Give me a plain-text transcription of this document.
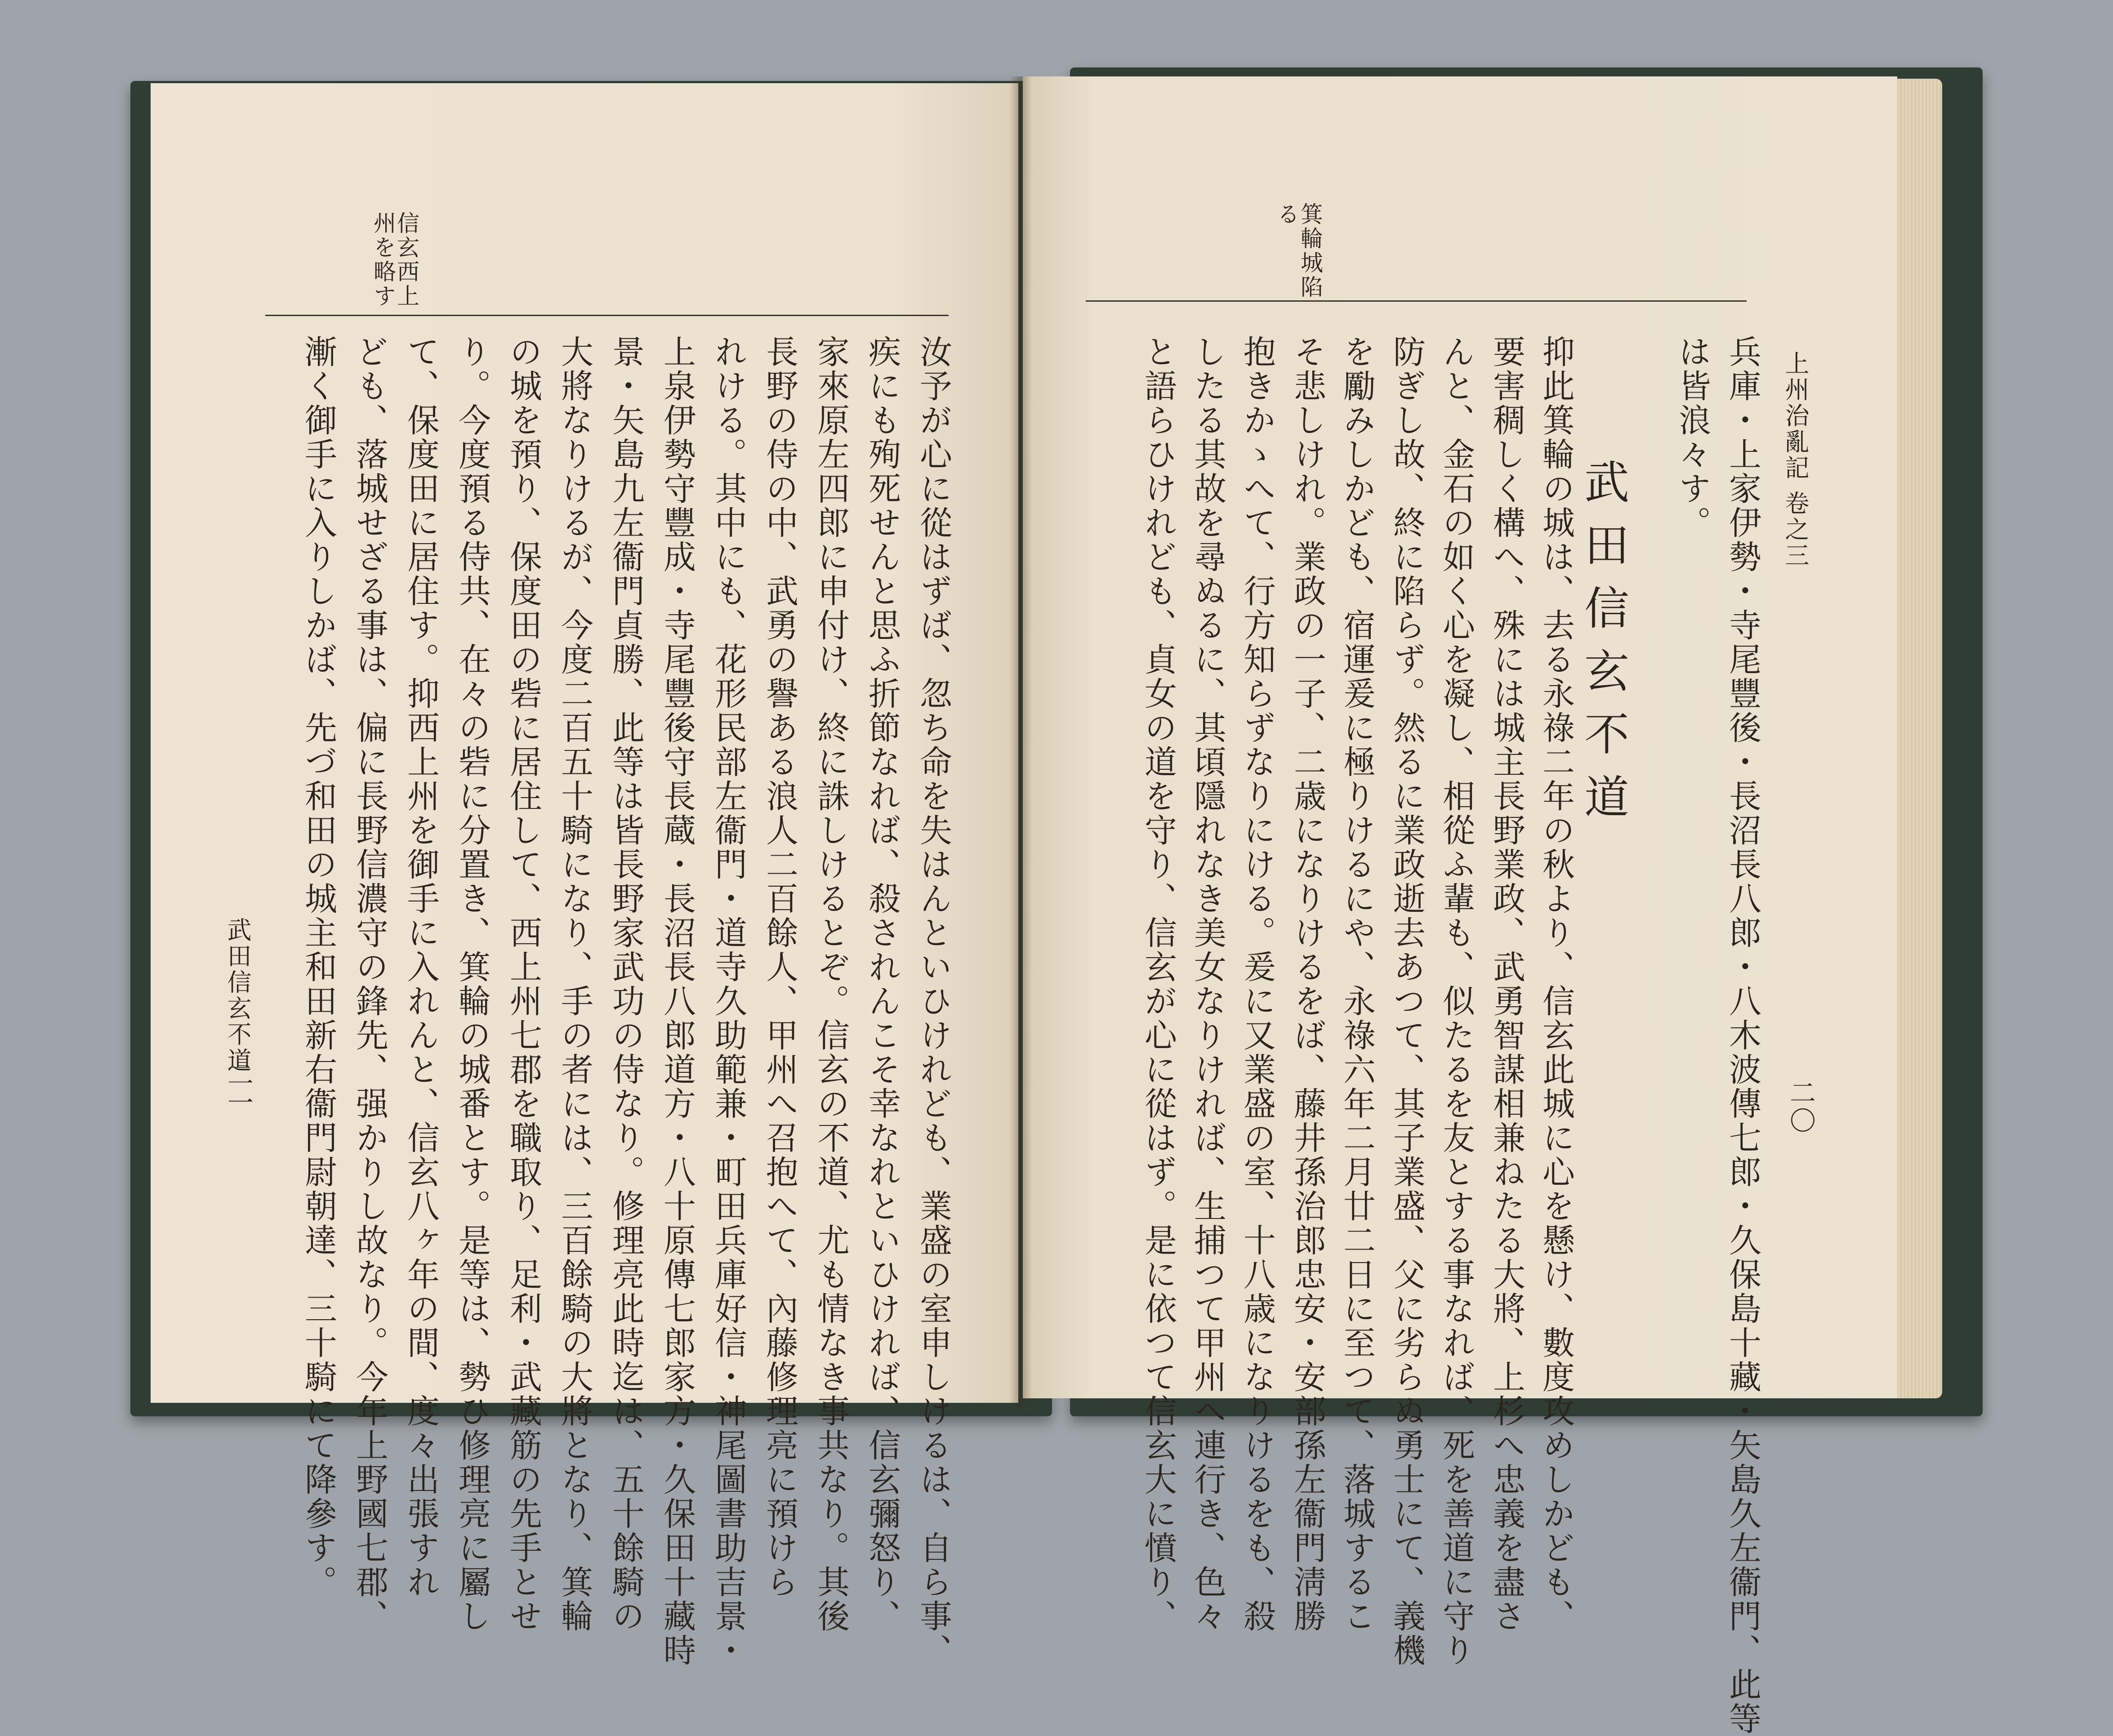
信玄西上州を略す
汝予が心に從はずば、忽ち命を失はんといひけれども、業盛の室申しけるは、自ら事、
疾にも殉死せんと思ふ折節なれば、殺されんこそ幸なれといひければ、信玄彌怒り、
家來原左四郎に申付け、終に誅しけるとぞ。信玄の不道、尤も情なき事共なり。其後
長野の侍の中、武勇の譽ある浪人二百餘人、甲州へ召抱へて、內藤修理亮に預けら
れける。其中にも、花形民部左衞門・道寺久助範兼・町田兵庫好信・神尾圖書助吉景・
上泉伊勢守豐成・寺尾豐後守長蔵・長沼長八郎道方・八十原傳七郎家方・久保田十藏時
景・矢島九左衞門貞勝、此等は皆長野家武功の侍なり。修理亮此時迄は、五十餘騎の
大將なりけるが、今度二百五十騎になり、手の者には、三百餘騎の大將となり、箕輪
の城を預り、保度田の砦に居住して、西上州七郡を職取り、足利・武藏筋の先手とせ
り。今度預る侍共、在々の砦に分置き、箕輪の城番とす。是等は、勢ひ修理亮に屬し
て、保度田に居住す。抑西上州を御手に入れんと、信玄八ヶ年の間、度々出張すれ
ども、落城せざる事は、偏に長野信濃守の鋒先、强かりし故なり。今年上野國七郡、
漸く御手に入りしかば、先づ和田の城主和田新右衞門尉朝達、三十騎にて降參す。
武田信玄不道
二一
箕輪城陷る
上州治亂記 卷之三
兵庫・上家伊勢・寺尾豐後・長沼長八郎・八木波傳七郎・久保島十藏・矢島久左衞門、此等
は皆浪々す。
抑此箕輪の城は、去る永祿二年の秋より、信玄此城に心を懸け、數度攻めしかども、
要害稠しく構へ、殊には城主長野業政、武勇智謀相兼ねたる大將、上杉へ忠義を盡さ
んと、金石の如く心を凝し、相從ふ輩も、似たるを友とする事なれば、死を善道に守り
防ぎし故、終に陷らず。然るに業政逝去あつて、其子業盛、父に劣らぬ勇士にて、義機
を勵みしかども、宿運爰に極りけるにや、永祿六年二月廿二日に至つて、落城するこ
そ悲しけれ。業政の一子、二歳になりけるをば、藤井孫治郎忠安・安部孫左衞門淸勝
抱きかゝへて、行方知らずなりにける。爰に又業盛の室、十八歳になりけるをも、殺
したる其故を尋ぬるに、其頃隱れなき美女なりければ、生捕つて甲州へ連行き、色々
と語らひけれども、貞女の道を守り、信玄が心に從はず。是に依つて信玄大に憤り、	武田信玄不道
二〇
